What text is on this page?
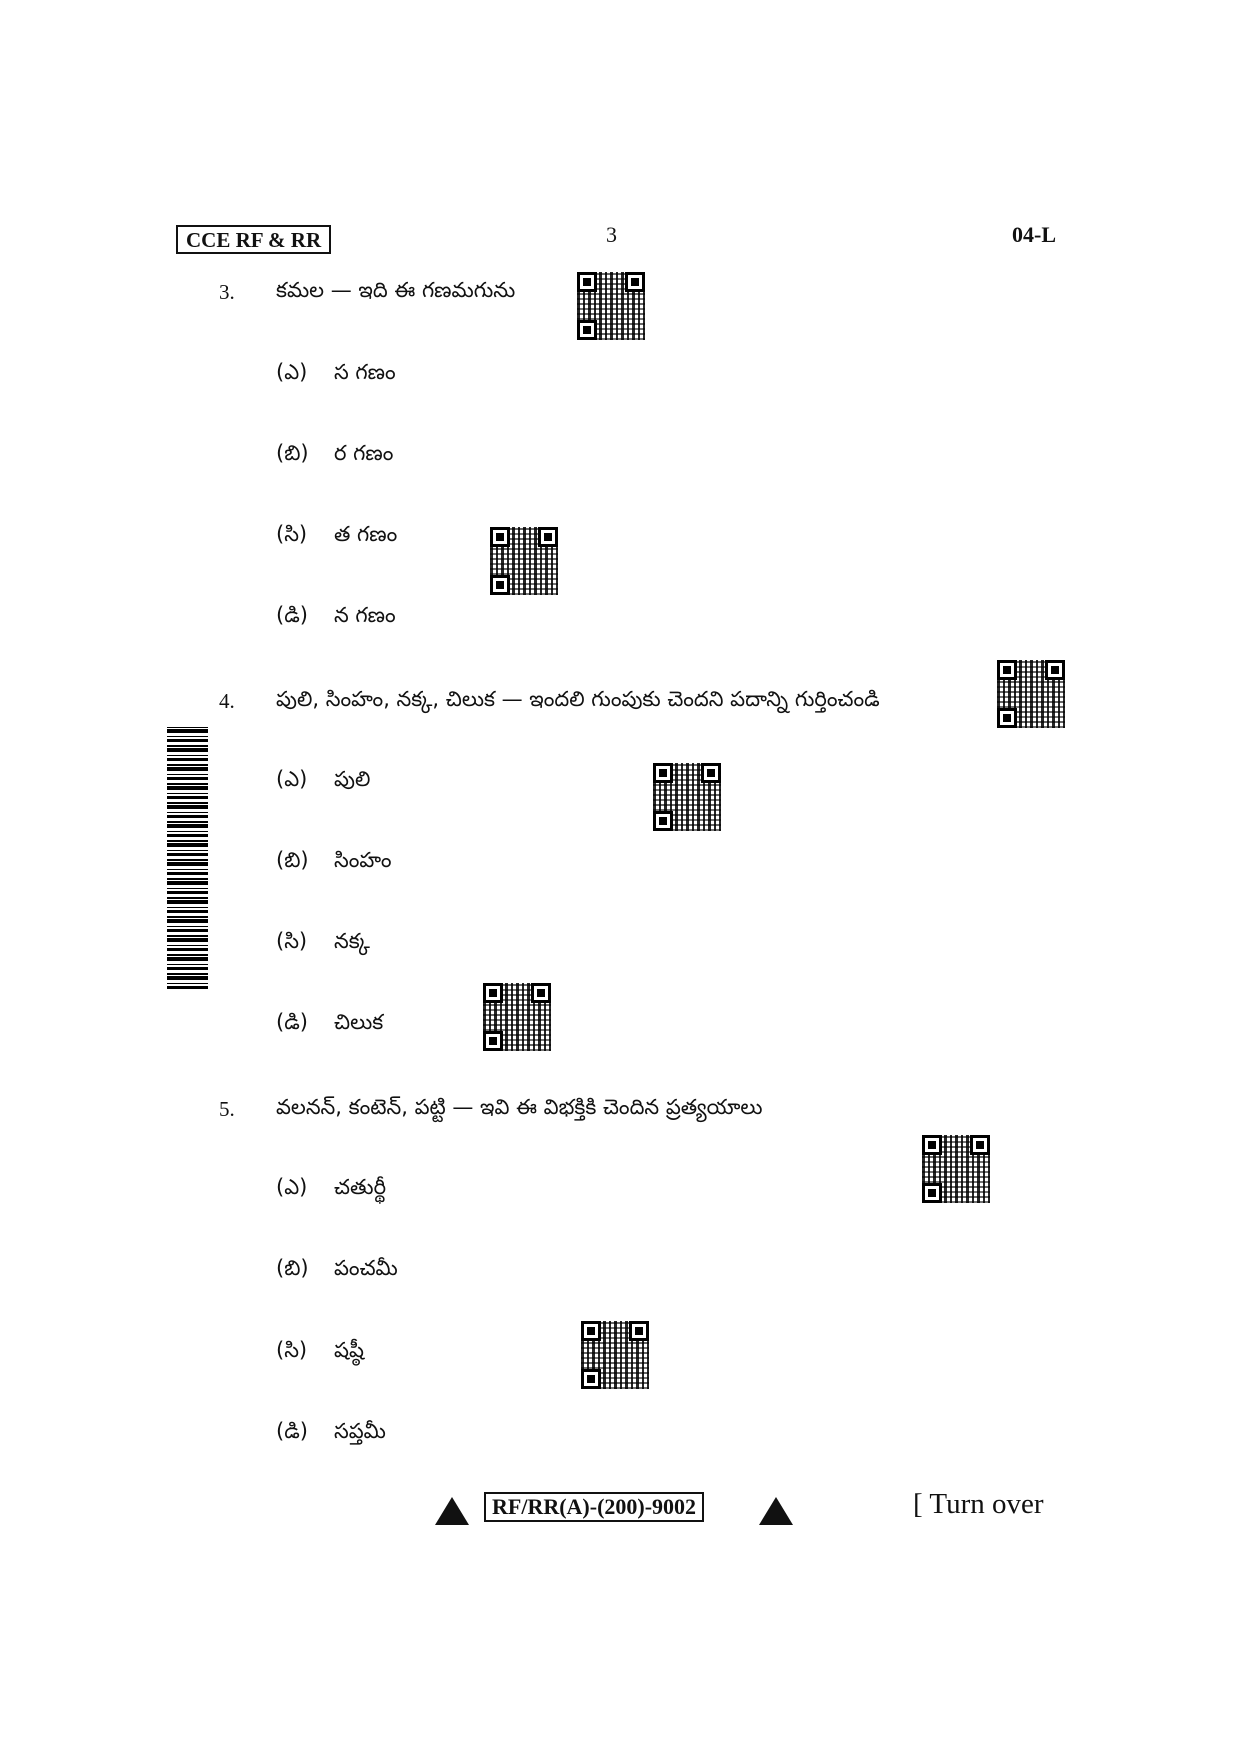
CCE RF & RR	3	04-L
3. కమల — ఇది ఈ గణమగును
(ఎ)	స గణం
(బి)	ర గణం
(సి)	త గణం
(డి)	న గణం
4. పులి, సింహం, నక్క, చిలుక — ఇందలి గుంపుకు చెందని పదాన్ని గుర్తించండి
(ఎ)	పులి
(బి)	సింహం
(సి)	నక్క
(డి)	చిలుక
5. వలనన్, కంటెన్, పట్టి — ఇవి ఈ విభక్తికి చెందిన ప్రత్యయాలు
(ఎ)	చతుర్థీ
(బి)	పంచమీ
(సి)	షష్ఠీ
(డి)	సప్తమీ
RF/RR(A)-(200)-9002	[ Turn over
